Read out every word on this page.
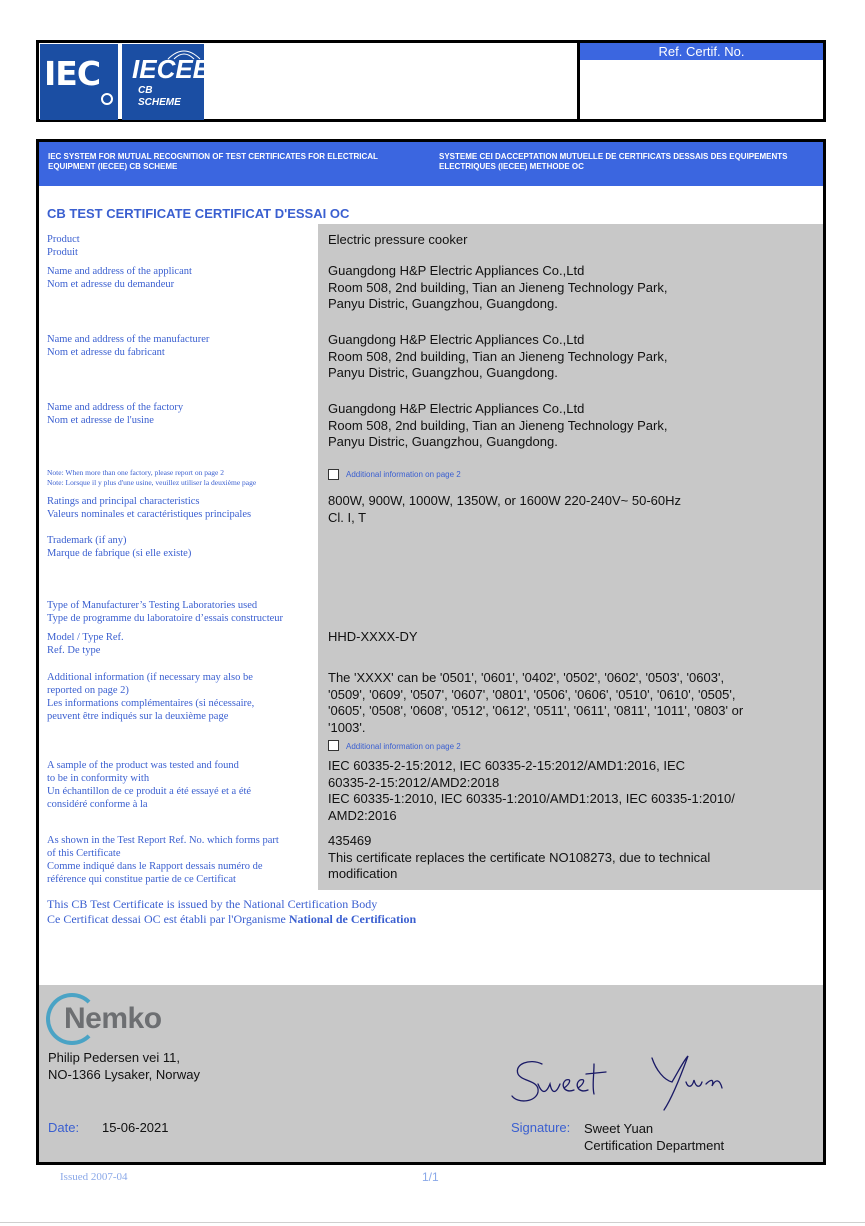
IEC IECEE
CB
SCHEME
Ref. Certif. No.
IEC SYSTEM FOR MUTUAL RECOGNITION OF TEST CERTIFICATES FOR ELECTRICAL EQUIPMENT (IECEE) CB SCHEME
SYSTEME CEI DACCEPTATION MUTUELLE DE CERTIFICATS DESSAIS DES EQUIPEMENTS ELECTRIQUES (IECEE) METHODE OC
CB TEST CERTIFICATE CERTIFICAT D'ESSAI OC
Product
Produit
Electric pressure cooker
Name and address of the applicant
Nom et adresse du demandeur
Guangdong H&P Electric Appliances Co.,Ltd
Room 508, 2nd building, Tian an Jieneng Technology Park,
Panyu Distric, Guangzhou, Guangdong.
Name and address of the manufacturer
Nom et adresse du fabricant
Guangdong H&P Electric Appliances Co.,Ltd
Room 508, 2nd building, Tian an Jieneng Technology Park,
Panyu Distric, Guangzhou, Guangdong.
Name and address of the factory
Nom et adresse de l'usine
Guangdong H&P Electric Appliances Co.,Ltd
Room 508, 2nd building, Tian an Jieneng Technology Park,
Panyu Distric, Guangzhou, Guangdong.
Note: When more than one factory, please report on page 2
Note: Lorsque il y plus d'une usine, veuillez utiliser la deuxième page
Additional information on page 2
Ratings and principal characteristics
Valeurs nominales et caractéristiques principales
800W, 900W, 1000W, 1350W, or 1600W 220-240V~ 50-60Hz
Cl. I, T
Trademark (if any)
Marque de fabrique (si elle existe)
Type of Manufacturer’s Testing Laboratories used
Type de programme du laboratoire d’essais constructeur
Model / Type Ref.
Ref. De type
HHD-XXXX-DY
Additional information (if necessary may also be
reported on page 2)
Les informations complémentaires (si nécessaire,
peuvent être indiqués sur la deuxième page
The 'XXXX' can be '0501', '0601', '0402', '0502', '0602', '0503', '0603',
'0509', '0609', '0507', '0607', '0801', '0506', '0606', '0510', '0610', '0505',
'0605', '0508', '0608', '0512', '0612', '0511', '0611', '0811', '1011', '0803' or
'1003'.
Additional information on page 2
A sample of the product was tested and found
to be in conformity with
Un échantillon de ce produit a été essayé et a été
considéré conforme à la
IEC 60335-2-15:2012, IEC 60335-2-15:2012/AMD1:2016, IEC
60335-2-15:2012/AMD2:2018
IEC 60335-1:2010, IEC 60335-1:2010/AMD1:2013, IEC 60335-1:2010/
AMD2:2016
As shown in the Test Report Ref. No. which forms part
of this Certificate
Comme indiqué dans le Rapport dessais numéro de
référence qui constitue partie de ce Certificat
435469
This certificate replaces the certificate NO108273, due to technical
modification
This CB Test Certificate is issued by the National Certification Body
Ce Certificat dessai OC est établi par l'Organisme National de Certification
Nemko
Philip Pedersen vei 11,
NO-1366 Lysaker, Norway
Date: 15-06-2021	Signature: Sweet Yuan
Certification Department
Issued 2007-04	1/1
